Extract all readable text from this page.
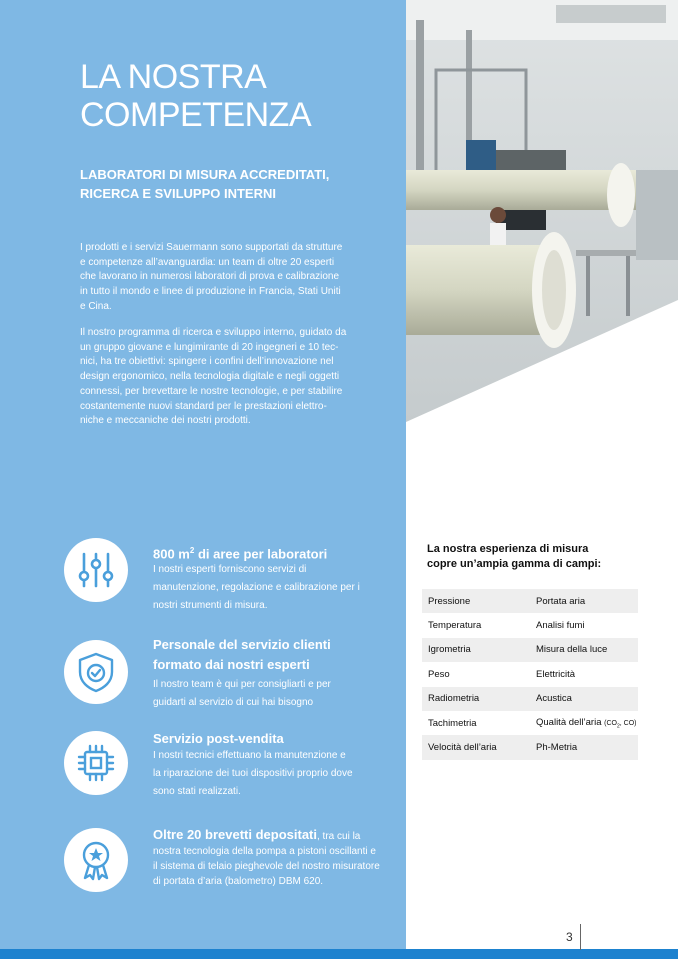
LA NOSTRA
COMPETENZA
LABORATORI DI MISURA ACCREDITATI,
RICERCA E SVILUPPO INTERNI

I prodotti e i servizi Sauermann sono supportati da strutture
e competenze all’avanguardia: un team di oltre 20 esperti
che lavorano in numerosi laboratori di prova e calibrazione
in tutto il mondo e linee di produzione in Francia, Stati Uniti
e Cina.

Il nostro programma di ricerca e sviluppo interno, guidato da
un gruppo giovane e lungimirante di 20 ingegneri e 10 tec-
nici, ha tre obiettivi: spingere i confini dell’innovazione nel
design ergonomico, nella tecnologia digitale e negli oggetti
connessi, per brevettare le nostre tecnologie, e per stabilire
costantemente nuovi standard per le prestazioni elettro-
niche e meccaniche dei nostri prodotti.

800 $m^2$ di aree per laboratori

I nostri esperti forniscono servizi di
manutenzione, regolazione e calibrazione per i
nostri strumenti di misura.

Personale del servizio clienti
formato dai nostri esperti

Il nostro team è qui per consigliarti e per
guidarti al servizio di cui hai bisogno

Servizio post-vendita

I nostri tecnici effettuano la manutenzione e
la riparazione dei tuoi dispositivi proprio dove
sono stati realizzati.

Oltre 20 brevetti depositati, tra cui la
nostra tecnologia della pompa a pistoni oscillanti e
il sistema di telaio pieghevole del nostro misuratore
di portata d’aria (balometro) DBM 620.

La nostra esperienza di misura
copre un’ampia gamma di campi:
Pressione	Portata aria
Temperatura	Analisi fumi
Igrometria	Misura della luce
Peso	Elettricità
Radiometria	Acustica
Tachimetria	Qualità dell’aria ($CO_2$, CO)
Velocità dell’aria	Ph-Metria

3
